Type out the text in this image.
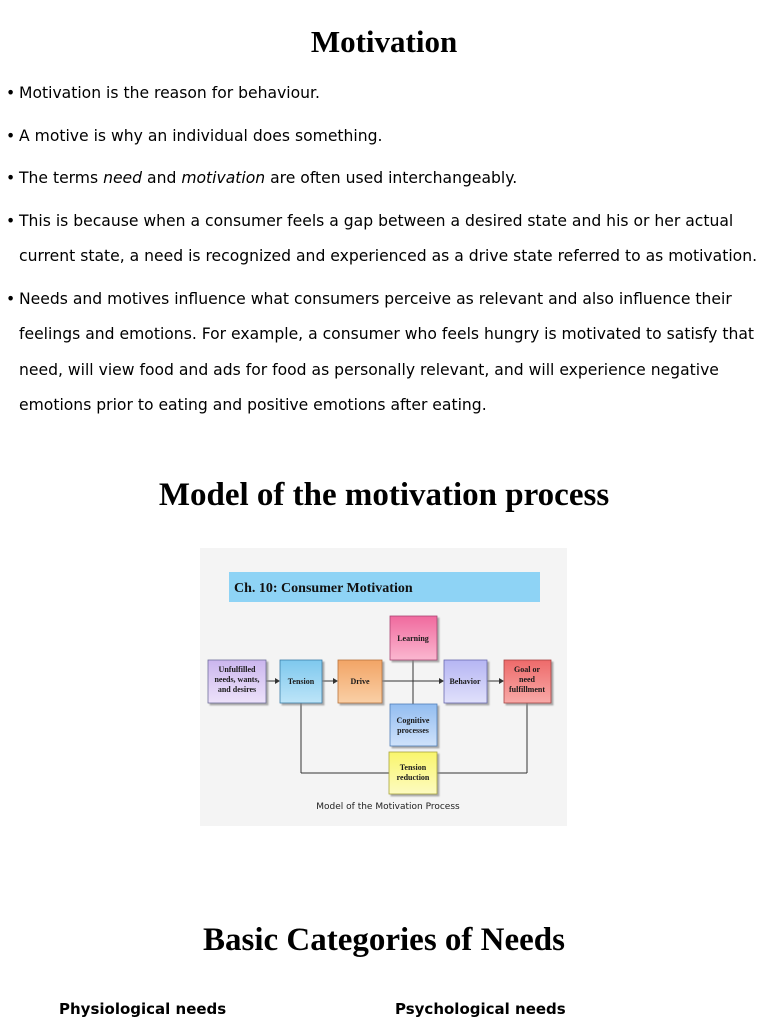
Motivation
• Motivation is the reason for behaviour.
• A motive is why an individual does something.
• The terms need and motivation are often used interchangeably.
• This is because when a consumer feels a gap between a desired state and his or her actual current state, a need is recognized and experienced as a drive state referred to as motivation.
• Needs and motives influence what consumers perceive as relevant and also influence their feelings and emotions. For example, a consumer who feels hungry is motivated to satisfy that need, will view food and ads for food as personally relevant, and will experience negative emotions prior to eating and positive emotions after eating.
Model of the motivation process
Ch. 10: Consumer Motivation
Unfulfilled
needs, wants,
and desires
Tension	Drive
Learning
Behavior
Goal or
need
fulfillment
Cognitive
processes
Tension
reduction
Model of the Motivation Process
Basic Categories of Needs
Physiological needs	Psychological needs
